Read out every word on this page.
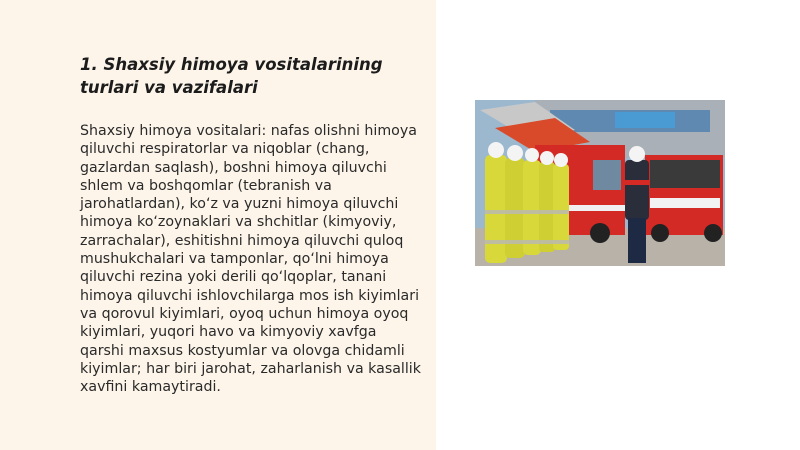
1. Shaxsiy himoya vositalarining turlari va vazifalari

Shaxsiy himoya vositalari: nafas olishni himoya qiluvchi respiratorlar va niqoblar (chang, gazlardan saqlash), boshni himoya qiluvchi shlem va boshqomlar (tebranish va jarohatlardan), ko‘z va yuzni himoya qiluvchi himoya ko‘zoynaklari va shchitlar (kimyoviy, zarrachalar), eshitishni himoya qiluvchi quloq mushukchalari va tamponlar, qo‘lni himoya qiluvchi rezina yoki derili qo‘lqoplar, tanani himoya qiluvchi ishlovchilarga mos ish kiyimlari va qorovul kiyimlari, oyoq uchun himoya oyoq kiyimlari, yuqori havo va kimyoviy xavfga qarshi maxsus kostyumlar va olovga chidamli kiyimlar; har biri jarohat, zaharlanish va kasallik xavfini kamaytiradi.
